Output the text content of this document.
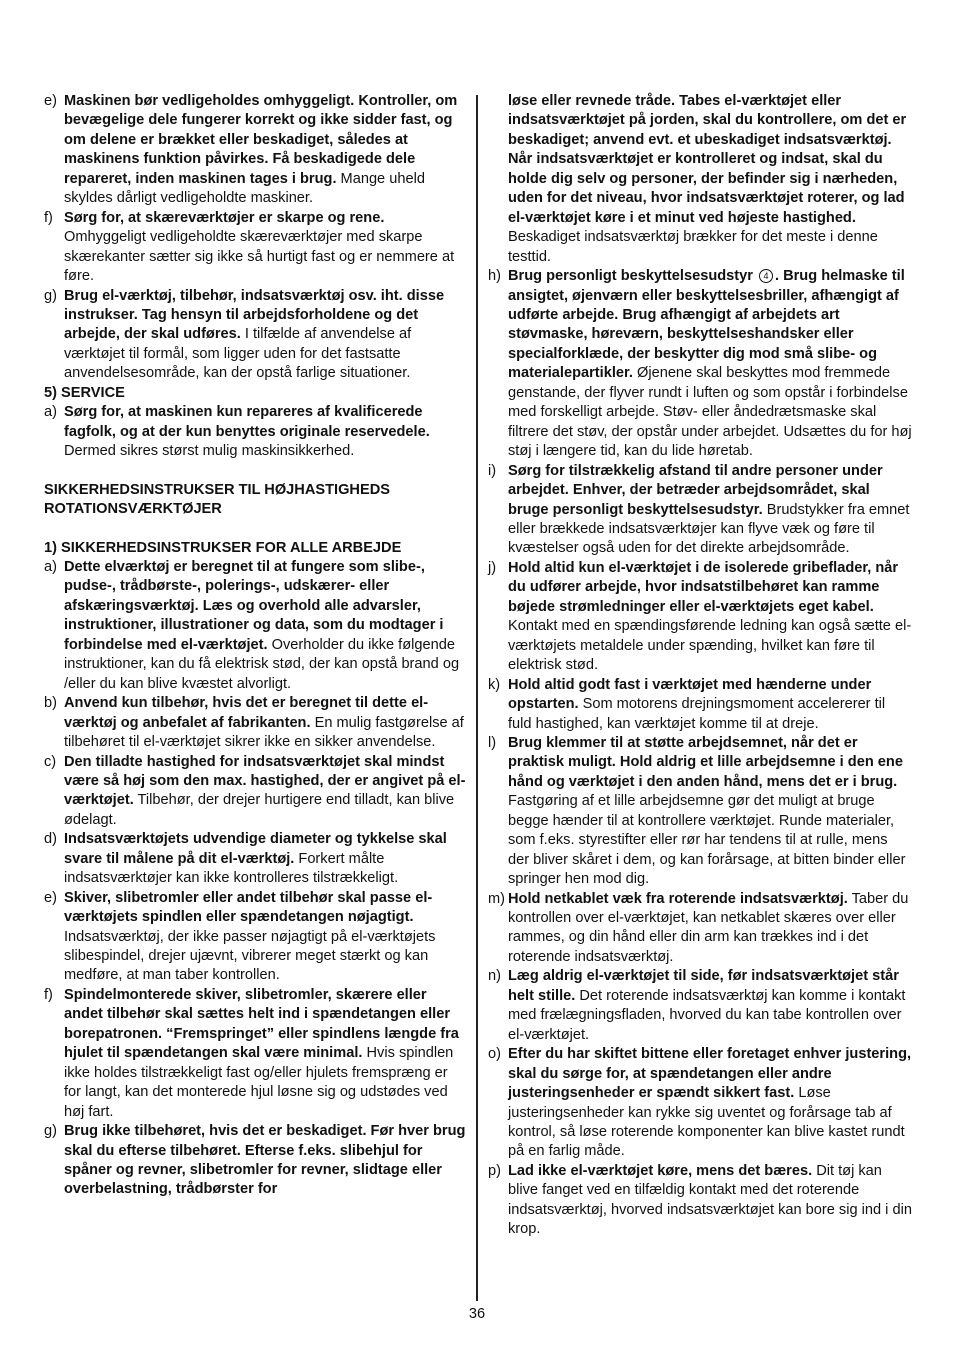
e) Maskinen bør vedligeholdes omhyggeligt. Kontroller, om bevægelige dele fungerer korrekt og ikke sidder fast, og om delene er brækket eller beskadiget, således at maskinens funktion påvirkes. Få beskadigede dele repareret, inden maskinen tages i brug. Mange uheld skyldes dårligt vedligeholdte maskiner.
f) Sørg for, at skæreværktøjer er skarpe og rene. Omhyggeligt vedligeholdte skæreværktøjer med skarpe skærekanter sætter sig ikke så hurtigt fast og er nemmere at føre.
g) Brug el-værktøj, tilbehør, indsatsværktøj osv. iht. disse instrukser. Tag hensyn til arbejdsforholdene og det arbejde, der skal udføres. I tilfælde af anvendelse af værktøjet til formål, som ligger uden for det fastsatte anvendelsesområde, kan der opstå farlige situationer.
5) SERVICE
a) Sørg for, at maskinen kun repareres af kvalificerede fagfolk, og at der kun benyttes originale reservedele. Dermed sikres størst mulig maskinsikkerhed.
SIKKERHEDSINSTRUKSER TIL HØJHASTIGHEDS ROTATIONSVÆRKTØJER
1) SIKKERHEDSINSTRUKSER FOR ALLE ARBEJDE
a) Dette elværktøj er beregnet til at fungere som slibe-, pudse-, trådbørste-, polerings-, udskærer- eller afskæringsværktøj. Læs og overhold alle advarsler, instruktioner, illustrationer og data, som du modtager i forbindelse med el-værktøjet. Overholder du ikke følgende instruktioner, kan du få elektrisk stød, der kan opstå brand og /eller du kan blive kvæstet alvorligt.
b) Anvend kun tilbehør, hvis det er beregnet til dette el-værktøj og anbefalet af fabrikanten. En mulig fastgørelse af tilbehøret til el-værktøjet sikrer ikke en sikker anvendelse.
c) Den tilladte hastighed for indsatsværktøjet skal mindst være så høj som den max. hastighed, der er angivet på el-værktøjet. Tilbehør, der drejer hurtigere end tilladt, kan blive ødelagt.
d) Indsatsværktøjets udvendige diameter og tykkelse skal svare til målene på dit el-værktøj. Forkert målte indsatsværktøjer kan ikke kontrolleres tilstrækkeligt.
e) Skiver, slibetromler eller andet tilbehør skal passe el-værktøjets spindlen eller spændetangen nøjagtigt. Indsatsværktøj, der ikke passer nøjagtigt på el-værktøjets slibespindel, drejer ujævnt, vibrerer meget stærkt og kan medføre, at man taber kontrollen.
f) Spindelmonterede skiver, slibetromler, skærere eller andet tilbehør skal sættes helt ind i spændetangen eller borepatronen. “Fremspringet” eller spindlens længde fra hjulet til spændetangen skal være minimal. Hvis spindlen ikke holdes tilstrækkeligt fast og/eller hjulets fremspræng er for langt, kan det monterede hjul løsne sig og udstødes ved høj fart.
g) Brug ikke tilbehøret, hvis det er beskadiget. Før hver brug skal du efterse tilbehøret. Efterse f.eks. slibehjul for spåner og revner, slibetromler for revner, slidtage eller overbelastning, trådbørster for
løse eller revnede tråde. Tabes el-værktøjet eller indsatsværktøjet på jorden, skal du kontrollere, om det er beskadiget; anvend evt. et ubeskadiget indsatsværktøj. Når indsatsværktøjet er kontrolleret og indsat, skal du holde dig selv og personer, der befinder sig i nærheden, uden for det niveau, hvor indsatsværktøjet roterer, og lad el-værktøjet køre i et minut ved højeste hastighed. Beskadiget indsatsværktøj brækker for det meste i denne testtid.
h) Brug personligt beskyttelsesudstyr 4 . Brug helmaske til ansigtet, øjenværn eller beskyttelsesbriller, afhængigt af udførte arbejde. Brug afhængigt af arbejdets art støvmaske, høreværn, beskyttelseshandsker eller specialforklæde, der beskytter dig mod små slibe- og materialepartikler. Øjenene skal beskyttes mod fremmede genstande, der flyver rundt i luften og som opstår i forbindelse med forskelligt arbejde. Støv- eller åndedrætsmaske skal filtrere det støv, der opstår under arbejdet. Udsættes du for høj støj i længere tid, kan du lide høretab.
i) Sørg for tilstrækkelig afstand til andre personer under arbejdet. Enhver, der betræder arbejdsområdet, skal bruge personligt beskyttelsesudstyr. Brudstykker fra emnet eller brækkede indsatsværktøjer kan flyve væk og føre til kvæstelser også uden for det direkte arbejdsområde.
j) Hold altid kun el-værktøjet i de isolerede gribeflader, når du udfører arbejde, hvor indsatstilbehøret kan ramme bøjede strømledninger eller el-værktøjets eget kabel. Kontakt med en spændingsførende ledning kan også sætte el-værktøjets metaldele under spænding, hvilket kan føre til elektrisk stød.
k) Hold altid godt fast i værktøjet med hænderne under opstarten. Som motorens drejningsmoment accelererer til fuld hastighed, kan værktøjet komme til at dreje.
l) Brug klemmer til at støtte arbejdsemnet, når det er praktisk muligt. Hold aldrig et lille arbejdsemne i den ene hånd og værktøjet i den anden hånd, mens det er i brug. Fastgøring af et lille arbejdsemne gør det muligt at bruge begge hænder til at kontrollere værktøjet. Runde materialer, som f.eks. styrestifter eller rør har tendens til at rulle, mens der bliver skåret i dem, og kan forårsage, at bitten binder eller springer hen mod dig.
m) Hold netkablet væk fra roterende indsatsværktøj. Taber du kontrollen over el-værktøjet, kan netkablet skæres over eller rammes, og din hånd eller din arm kan trækkes ind i det roterende indsatsværktøj.
n) Læg aldrig el-værktøjet til side, før indsatsværktøjet står helt stille. Det roterende indsatsværktøj kan komme i kontakt med frælægningsfladen, hvorved du kan tabe kontrollen over el-værktøjet.
o) Efter du har skiftet bittene eller foretaget enhver justering, skal du sørge for, at spændetangen eller andre justeringsenheder er spændt sikkert fast. Løse justeringsenheder kan rykke sig uventet og forårsage tab af kontrol, så løse roterende komponenter kan blive kastet rundt på en farlig måde.
p) Lad ikke el-værktøjet køre, mens det bæres. Dit tøj kan blive fanget ved en tilfældig kontakt med det roterende indsatsværktøj, hvorved indsatsværktøjet kan bore sig ind i din krop.
36
